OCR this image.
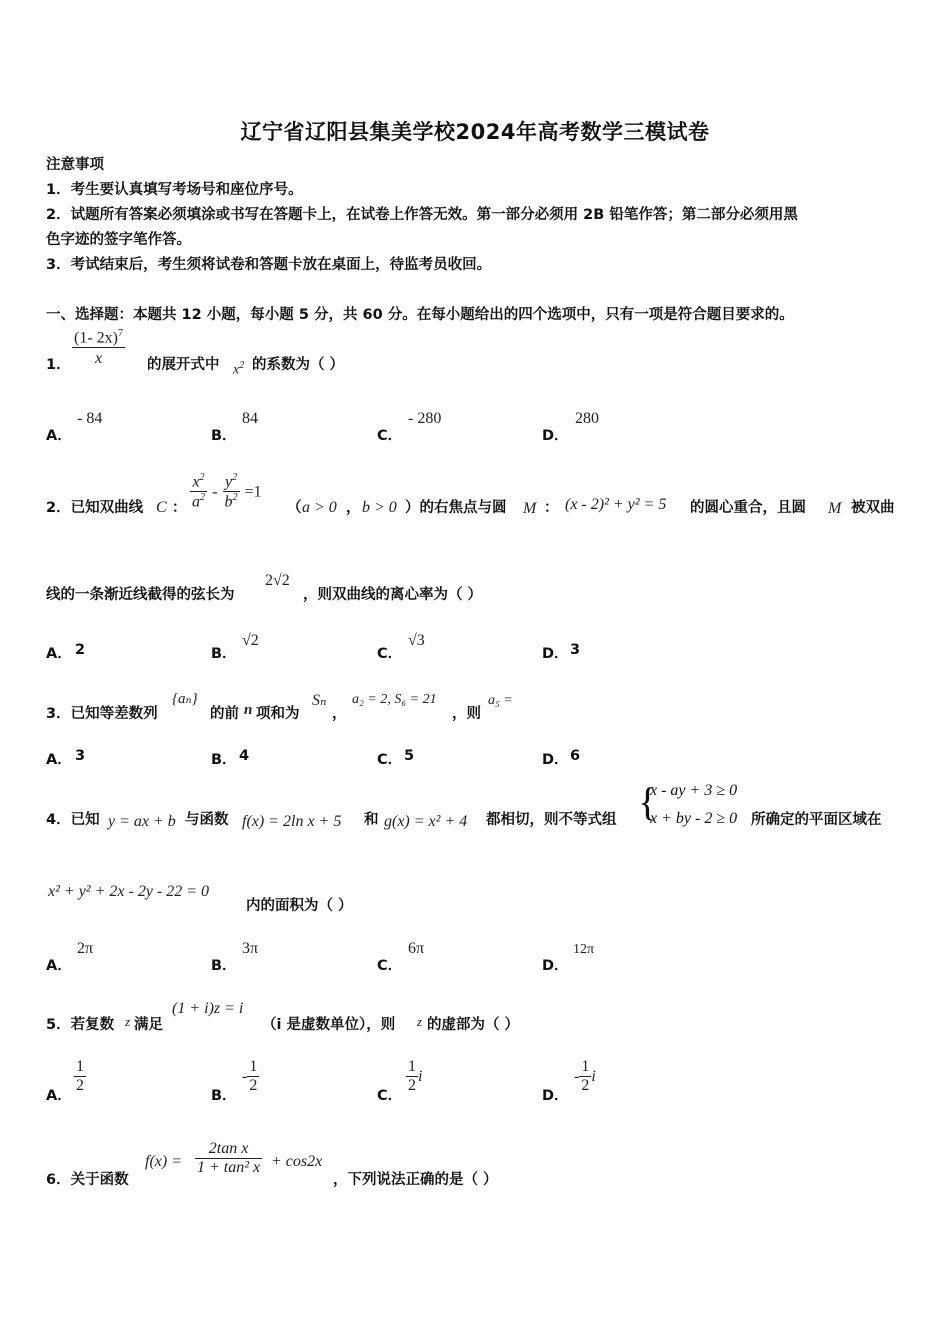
辽宁省辽阳县集美学校2024年高考数学三模试卷
注意事项
1．考生要认真填写考场号和座位序号。
2．试题所有答案必须填涂或书写在答题卡上，在试卷上作答无效。第一部分必须用 2B 铅笔作答；第二部分必须用黑
色字迹的签字笔作答。
3．考试结束后，考生须将试卷和答题卡放在桌面上，待监考员收回。
一、选择题：本题共 12 小题，每小题 5 分，共 60 分。在每小题给出的四个选项中，只有一项是符合题目要求的。
1． $\frac{(1- 2x)^7}{x}$ 的展开式中 $x^2$ 的系数为（ ）
A．
- 84
B．
84
C．
- 280
D．
280
2．已知双曲线 C ： $\frac{x^2}{a^2} - \frac{y^2}{b^2} =1$
（ a > 0 ， b > 0 ）的右焦点与圆 M ： (x - 2)² + y² = 5 的圆心重合，且圆 M 被双曲
线的一条渐近线截得的弦长为
2√2
，则双曲线的离心率为（ ）
A． 2	B．
√2
C．
√3
D． 3
3．已知等差数列
{aₙ}
的前 n 项和为
Sₙ
，
a₂ = 2, S₆ = 21
，则
a₅ =
A． 3	B． 4	C． 5	D． 6
4．已知 y = ax + b 与函数 f(x) = 2ln x + 5 和 g(x) = x² + 4 都相切，则不等式组 {
x - ay + 3 ≥ 0
x + by - 2 ≥ 0 所确定的平面区域在
x² + y² + 2x - 2y - 22 = 0
内的面积为（ ）
A．
2π
B．
3π
C．
6π
D．
12π
5．若复数 z 满足
(1 + i)z = i
（i 是虚数单位），则 z 的虚部为（ ）
A．
$\frac{1}{2}$
B．
- $\frac{1}{2}$
C．
$\frac{1}{2}$ i
D．
- $\frac{1}{2}$ i
6．关于函数
$f(x) = \frac{\text{2tan x}}{\text{1 + tan² x}} + \cos 2x$
，下列说法正确的是（ ）
